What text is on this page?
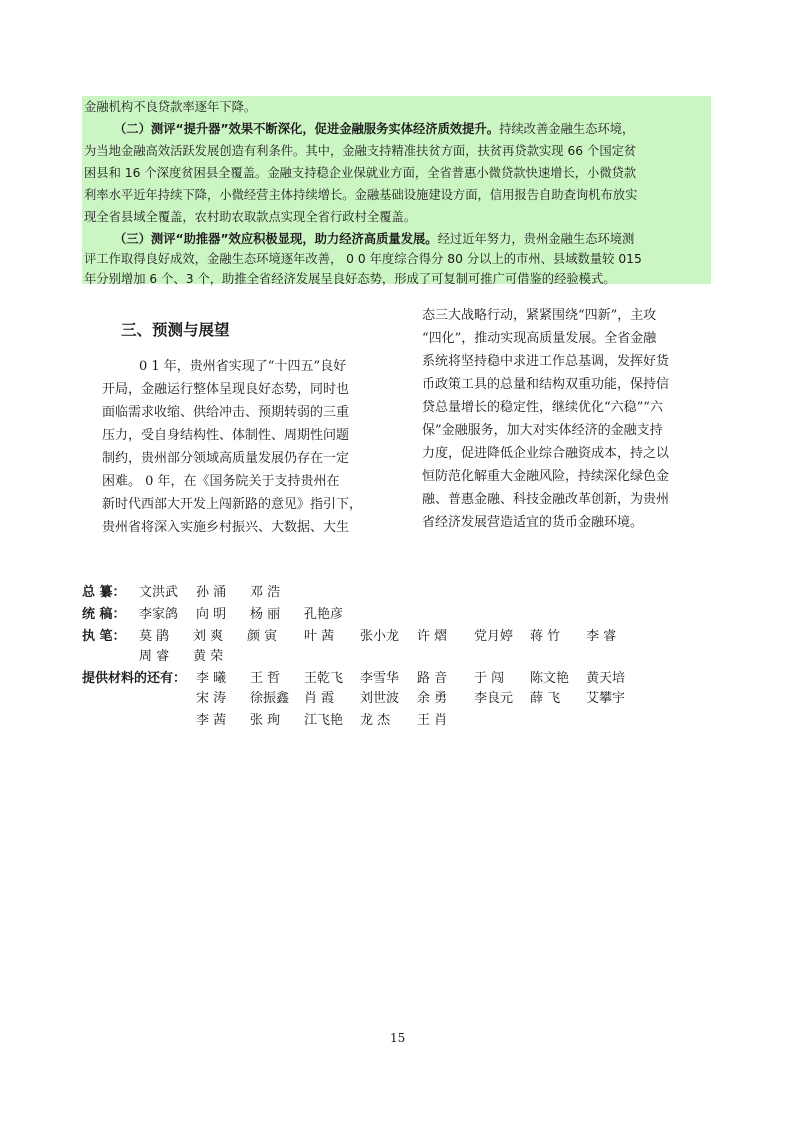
金融机构不良贷款率逐年下降。
（二）测评“提升器”效果不断深化，促进金融服务实体经济质效提升。持续改善金融生态环境，
为当地金融高效活跃发展创造有利条件。其中，金融支持精准扶贫方面，扶贫再贷款实现 66 个国定贫
困县和 16 个深度贫困县全覆盖。金融支持稳企业保就业方面，全省普惠小微贷款快速增长，小微贷款
利率水平近年持续下降，小微经营主体持续增长。金融基础设施建设方面，信用报告自助查询机布放实
现全省县域全覆盖，农村助农取款点实现全省行政村全覆盖。
（三）测评“助推器”效应积极显现，助力经济高质量发展。经过近年努力，贵州金融生态环境测
评工作取得良好成效，金融生态环境逐年改善， 0 0 年度综合得分 80 分以上的市州、县域数量较 015
年分别增加 6 个、3 个，助推全省经济发展呈良好态势，形成了可复制可推广可借鉴的经验模式。
三、预测与展望
0 1 年，贵州省实现了“十四五”良好
开局，金融运行整体呈现良好态势，同时也
面临需求收缩、供给冲击、预期转弱的三重
压力，受自身结构性、体制性、周期性问题
制约，贵州部分领域高质量发展仍存在一定
困难。 0 年，在《国务院关于支持贵州在
新时代西部大开发上闯新路的意见》指引下，
贵州省将深入实施乡村振兴、大数据、大生
态三大战略行动，紧紧围绕“四新”，主攻
“四化”，推动实现高质量发展。全省金融
系统将坚持稳中求进工作总基调，发挥好货
币政策工具的总量和结构双重功能，保持信
贷总量增长的稳定性，继续优化“六稳”“六
保”金融服务，加大对实体经济的金融支持
力度，促进降低企业综合融资成本，持之以
恒防范化解重大金融风险，持续深化绿色金
融、普惠金融、科技金融改革创新，为贵州
省经济发展营造适宜的货币金融环境。
总 纂： 文洪武 孙 涌 邓 浩
统 稿： 李家鸽 向 明 杨 丽 孔艳彦
执 笔： 莫 鹃 刘 爽 颜 寅 叶 茜 张小龙 许 熠 党月婷 蒋 竹 李 睿
周 睿 黄 荣
提供材料的还有： 李 曦 王 哲 王乾飞 李雪华 路 音 于 闯 陈文艳 黄天培
宋 涛 徐振鑫 肖 霞 刘世波 余 勇 李良元 薛 飞 艾攀宇
李 茜 张 珣 江飞艳 龙 杰 王 肖
15
